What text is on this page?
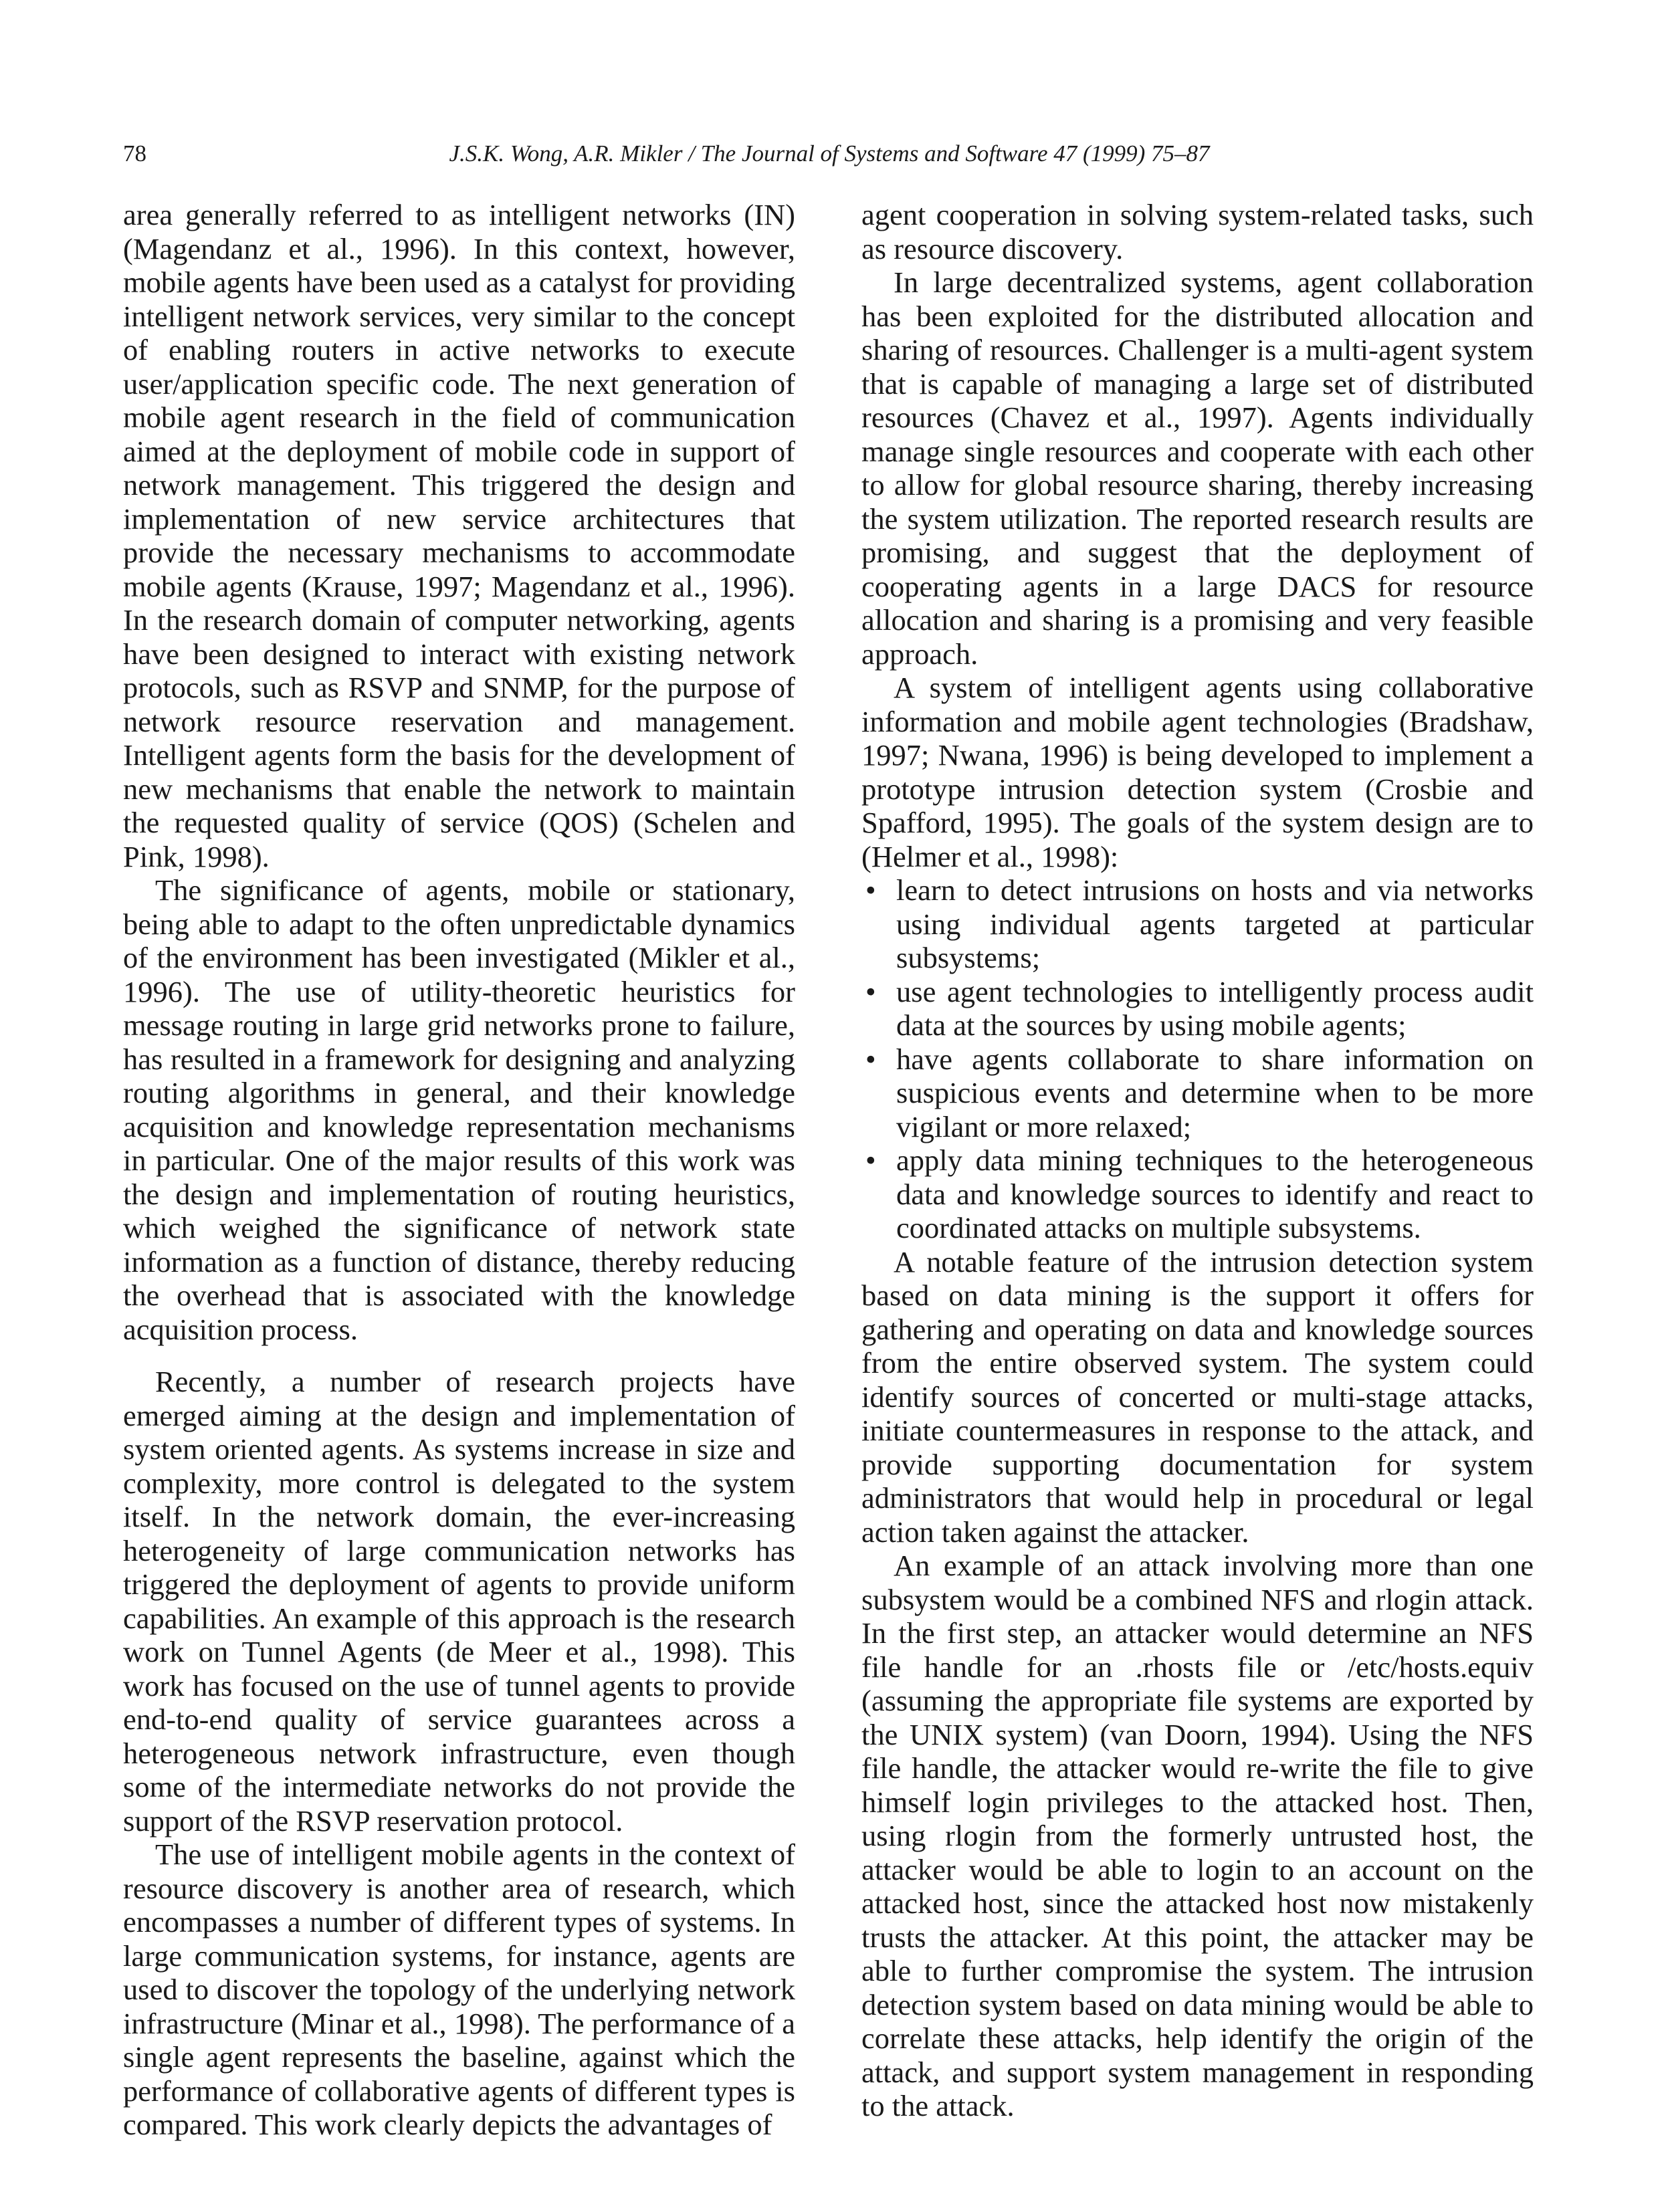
78	J.S.K. Wong, A.R. Mikler / The Journal of Systems and Software 47 (1999) 75–87

area generally referred to as intelligent networks (IN) (Magendanz et al., 1996). In this context, however, mobile agents have been used as a catalyst for providing intelligent network services, very similar to the concept of enabling routers in active networks to execute user/application specific code. The next generation of mobile agent research in the field of communication aimed at the deployment of mobile code in support of network management. This triggered the design and implementation of new service architectures that provide the necessary mechanisms to accommodate mobile agents (Krause, 1997; Magendanz et al., 1996). In the research domain of computer networking, agents have been designed to interact with existing network protocols, such as RSVP and SNMP, for the purpose of network resource reservation and management. Intelligent agents form the basis for the development of new mechanisms that enable the network to maintain the requested quality of service (QOS) (Schelen and Pink, 1998).

The significance of agents, mobile or stationary, being able to adapt to the often unpredictable dynamics of the environment has been investigated (Mikler et al., 1996). The use of utility-theoretic heuristics for message routing in large grid networks prone to failure, has resulted in a framework for designing and analyzing routing algorithms in general, and their knowledge acquisition and knowledge representation mechanisms in particular. One of the major results of this work was the design and implementation of routing heuristics, which weighed the significance of network state information as a function of distance, thereby reducing the overhead that is associated with the knowledge acquisition process.

Recently, a number of research projects have emerged aiming at the design and implementation of system oriented agents. As systems increase in size and complexity, more control is delegated to the system itself. In the network domain, the ever-increasing heterogeneity of large communication networks has triggered the deployment of agents to provide uniform capabilities. An example of this approach is the research work on Tunnel Agents (de Meer et al., 1998). This work has focused on the use of tunnel agents to provide end-to-end quality of service guarantees across a heterogeneous network infrastructure, even though some of the intermediate networks do not provide the support of the RSVP reservation protocol.

The use of intelligent mobile agents in the context of resource discovery is another area of research, which encompasses a number of different types of systems. In large communication systems, for instance, agents are used to discover the topology of the underlying network infrastructure (Minar et al., 1998). The performance of a single agent represents the baseline, against which the performance of collaborative agents of different types is compared. This work clearly depicts the advantages of

agent cooperation in solving system-related tasks, such as resource discovery.

In large decentralized systems, agent collaboration has been exploited for the distributed allocation and sharing of resources. Challenger is a multi-agent system that is capable of managing a large set of distributed resources (Chavez et al., 1997). Agents individually manage single resources and cooperate with each other to allow for global resource sharing, thereby increasing the system utilization. The reported research results are promising, and suggest that the deployment of cooperating agents in a large DACS for resource allocation and sharing is a promising and very feasible approach.

A system of intelligent agents using collaborative information and mobile agent technologies (Bradshaw, 1997; Nwana, 1996) is being developed to implement a prototype intrusion detection system (Crosbie and Spafford, 1995). The goals of the system design are to (Helmer et al., 1998):

• learn to detect intrusions on hosts and via networks using individual agents targeted at particular subsystems;
• use agent technologies to intelligently process audit data at the sources by using mobile agents;
• have agents collaborate to share information on suspicious events and determine when to be more vigilant or more relaxed;
• apply data mining techniques to the heterogeneous data and knowledge sources to identify and react to coordinated attacks on multiple subsystems.

A notable feature of the intrusion detection system based on data mining is the support it offers for gathering and operating on data and knowledge sources from the entire observed system. The system could identify sources of concerted or multi-stage attacks, initiate countermeasures in response to the attack, and provide supporting documentation for system administrators that would help in procedural or legal action taken against the attacker.

An example of an attack involving more than one subsystem would be a combined NFS and rlogin attack. In the first step, an attacker would determine an NFS file handle for an .rhosts file or /etc/hosts.equiv (assuming the appropriate file systems are exported by the UNIX system) (van Doorn, 1994). Using the NFS file handle, the attacker would re-write the file to give himself login privileges to the attacked host. Then, using rlogin from the formerly untrusted host, the attacker would be able to login to an account on the attacked host, since the attacked host now mistakenly trusts the attacker. At this point, the attacker may be able to further compromise the system. The intrusion detection system based on data mining would be able to correlate these attacks, help identify the origin of the attack, and support system management in responding to the attack.
